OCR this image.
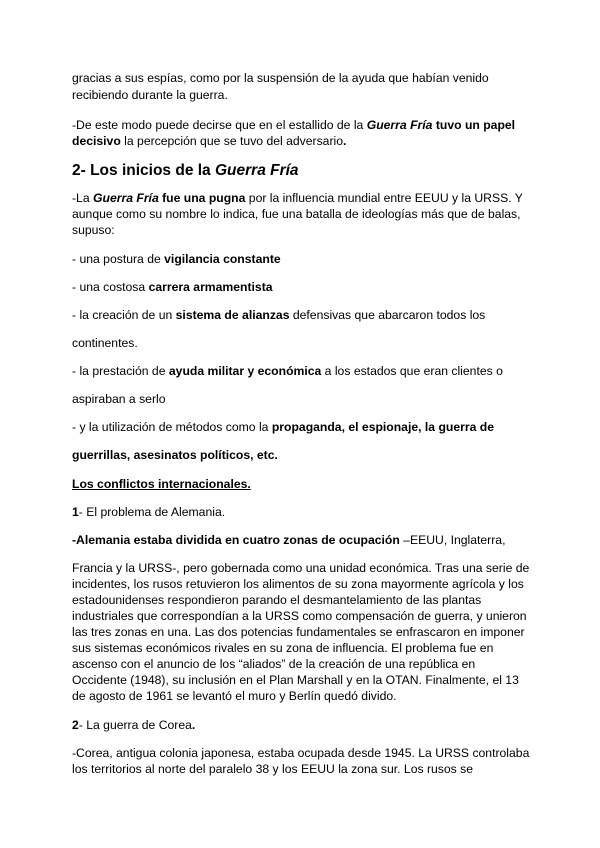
gracias a sus espías, como por la suspensión de la ayuda que habían venido
recibiendo durante la guerra.
-De este modo puede decirse que en el estallido de la Guerra Fría tuvo un papel
decisivo la percepción que se tuvo del adversario.
2- Los inicios de la Guerra Fría
-La Guerra Fría fue una pugna por la influencia mundial entre EEUU y la URSS. Y
aunque como su nombre lo indica, fue una batalla de ideologías más que de balas,
supuso:
- una postura de vigilancia constante
- una costosa carrera armamentista
- la creación de un sistema de alianzas defensivas que abarcaron todos los
continentes.
- la prestación de ayuda militar y económica a los estados que eran clientes o
aspiraban a serlo
- y la utilización de métodos como la propaganda, el espionaje, la guerra de
guerrillas, asesinatos políticos, etc.
Los conflictos internacionales.
1- El problema de Alemania.
-Alemania estaba dividida en cuatro zonas de ocupación –EEUU, Inglaterra,
Francia y la URSS-, pero gobernada como una unidad económica. Tras una serie de
incidentes, los rusos retuvieron los alimentos de su zona mayormente agrícola y los
estadounidenses respondieron parando el desmantelamiento de las plantas
industriales que correspondían a la URSS como compensación de guerra, y unieron
las tres zonas en una. Las dos potencias fundamentales se enfrascaron en imponer
sus sistemas económicos rivales en su zona de influencia. El problema fue en
ascenso con el anuncio de los “aliados” de la creación de una república en
Occidente (1948), su inclusión en el Plan Marshall y en la OTAN. Finalmente, el 13
de agosto de 1961 se levantó el muro y Berlín quedó divido.
2- La guerra de Corea.
-Corea, antigua colonia japonesa, estaba ocupada desde 1945. La URSS controlaba
los territorios al norte del paralelo 38 y los EEUU la zona sur. Los rusos se
